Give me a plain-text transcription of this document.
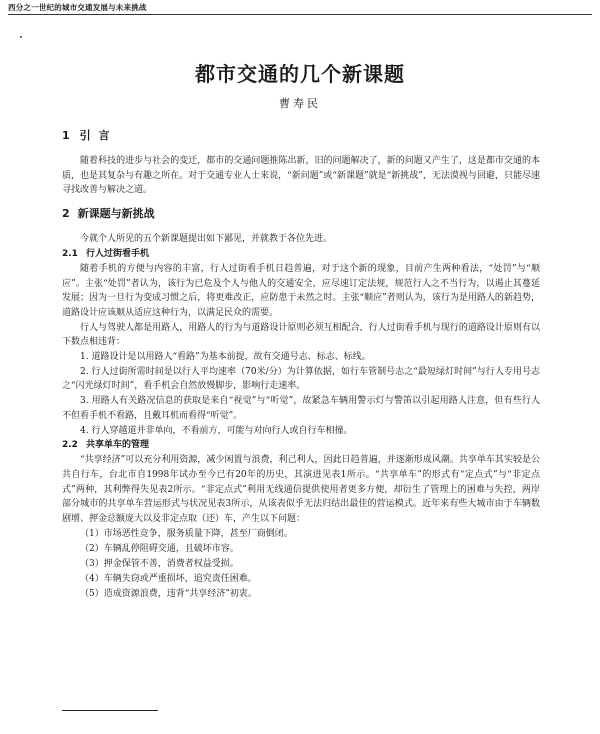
西分之一世纪的城市交通发展与未来挑战
都市交通的几个新课题
曹寿民
1 引 言

随着科技的进步与社会的变迁，都市的交通问题推陈出新，旧的问题解决了，新的问题又产生了，这是都市交通的本质，也是其复杂与有趣之所在。对于交通专业人士来说，“新问题”或“新课题”就是“新挑战”，无法漠视与回避，只能尽速寻找改善与解决之道。

2 新课题与新挑战

今就个人所见的五个新课题提出如下鄙见，并就教于各位先进。

2.1 行人过街看手机

随着手机的方便与内容的丰富，行人过街看手机日趋普遍，对于这个新的现象，目前产生两种看法，“处罚”与“顺应”。主张“处罚”者认为，该行为已危及个人与他人的交通安全，应尽速订定法规，规范行人之不当行为，以遏止其蔓延发展；因为一旦行为变成习惯之后，将更难改正，应防患于未然之时。主张“顺应”者则认为，该行为是用路人的新趋势，道路设计应该顺从适应这种行为，以满足民众的需要。

行人与驾驶人都是用路人，用路人的行为与道路设计原则必须互相配合，行人过街看手机与现行的道路设计原则有以下数点相违背：

1. 道路设计是以用路人“看路”为基本前提，故有交通号志、标志、标线。

2. 行人过街所需时间是以行人平均速率（70米/分）为计算依据，如行车管制号志之“最短绿灯时间”与行人专用号志之“闪光绿灯时间”，看手机会自然放慢脚步，影响行走速率。

3. 用路人有关路况信息的获取是来自“视觉”与“听觉”，故紧急车辆用警示灯与警笛以引起用路人注意，但有些行人不但看手机不看路，且戴耳机而看得“听觉”。

4. 行人穿越道并非单向，不看前方，可能与对向行人或自行车相撞。

2.2 共享单车的管理

“共享经济”可以充分利用资源，减少闲置与浪费，利己利人，因此日趋普遍，并逐渐形成风潮。共享单车其实较是公共自行车，台北市自1998年试办至今已有20年的历史，其演进见表1所示。“共享单车”的形式有“定点式”与“非定点式”两种，其利弊得失见表2所示。“非定点式”利用无线通信提供使用者更多方便，却衍生了管理上的困难与失控，两岸部分城市的共享单车营运形式与状况见表3所示，从该表似乎无法归结出最佳的营运模式。近年来有些大城市由于车辆数剧增、押金总额庞大以及非定点取（还）车，产生以下问题：

（1）市场恶性竞争，服务质量下降，甚至厂商倒闭。
（2）车辆乱停阻碍交通，且破坏市容。
（3）押金保管不善，消费者权益受损。
（4）车辆失窃或严重损坏，追究责任困难。
（5）造成资源浪费，违背“共享经济”初衷。
